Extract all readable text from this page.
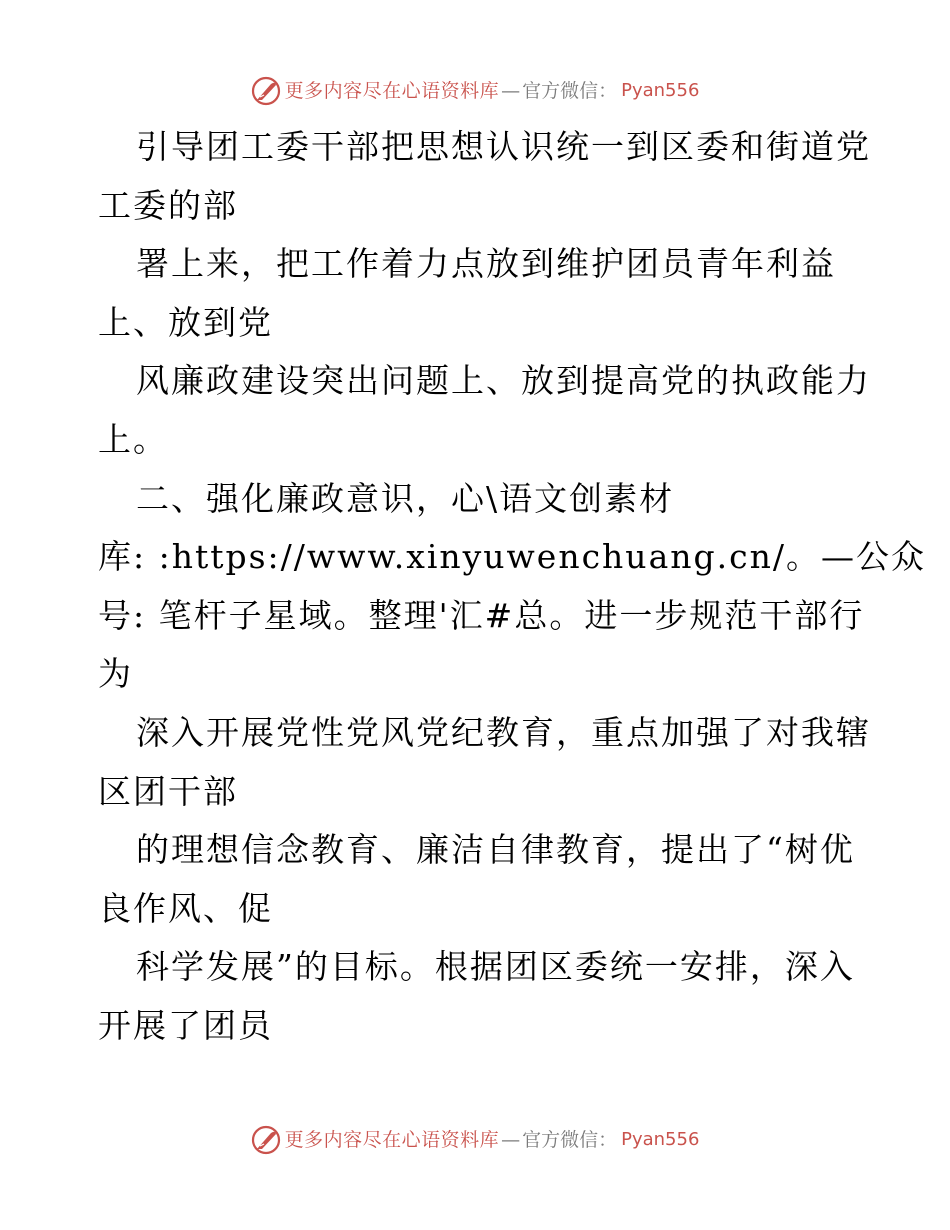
更多内容尽在心语资料库 — 官方微信： Pyan556
引导团工委干部把思想认识统一到区委和街道党
工委的部
署上来，把工作着力点放到维护团员青年利益
上、放到党
风廉政建设突出问题上、放到提高党的执政能力
上。
二、强化廉政意识，心\语文创素材
库: :https://www.xinyuwenchuang.cn/。—公众
号: 笔杆子星域。整理'汇#总。进一步规范干部行
为
深入开展党性党风党纪教育，重点加强了对我辖
区团干部
的理想信念教育、廉洁自律教育，提出了“树优
良作风、促
科学发展”的目标。根据团区委统一安排，深入
开展了团员
更多内容尽在心语资料库 — 官方微信： Pyan556
